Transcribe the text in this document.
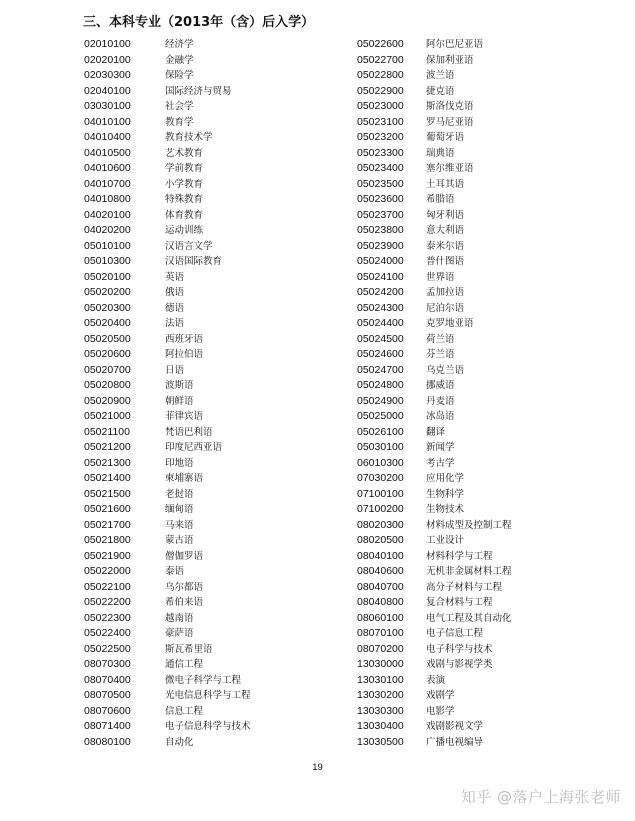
三、本科专业（2013年（含）后入学）
02010100	经济学
02020100	金融学
02030300	保险学
02040100	国际经济与贸易
03030100	社会学
04010100	教育学
04010400	教育技术学
04010500	艺术教育
04010600	学前教育
04010700	小学教育
04010800	特殊教育
04020100	体育教育
04020200	运动训练
05010100	汉语言文学
05010300	汉语国际教育
05020100	英语
05020200	俄语
05020300	德语
05020400	法语
05020500	西班牙语
05020600	阿拉伯语
05020700	日语
05020800	波斯语
05020900	朝鲜语
05021000	菲律宾语
05021100	梵语巴利语
05021200	印度尼西亚语
05021300	印地语
05021400	柬埔寨语
05021500	老挝语
05021600	缅甸语
05021700	马来语
05021800	蒙古语
05021900	僧伽罗语
05022000	泰语
05022100	乌尔都语
05022200	希伯来语
05022300	越南语
05022400	豪萨语
05022500	斯瓦希里语
08070300	通信工程
08070400	微电子科学与工程
08070500	光电信息科学与工程
08070600	信息工程
08071400	电子信息科学与技术
08080100	自动化
05022600	阿尔巴尼亚语
05022700	保加利亚语
05022800	波兰语
05022900	捷克语
05023000	斯洛伐克语
05023100	罗马尼亚语
05023200	葡萄牙语
05023300	瑞典语
05023400	塞尔维亚语
05023500	土耳其语
05023600	希腊语
05023700	匈牙利语
05023800	意大利语
05023900	泰米尔语
05024000	普什图语
05024100	世界语
05024200	孟加拉语
05024300	尼泊尔语
05024400	克罗地亚语
05024500	荷兰语
05024600	芬兰语
05024700	乌克兰语
05024800	挪威语
05024900	丹麦语
05025000	冰岛语
05026100	翻译
05030100	新闻学
06010300	考古学
07030200	应用化学
07100100	生物科学
07100200	生物技术
08020300	材料成型及控制工程
08020500	工业设计
08040100	材料科学与工程
08040600	无机非金属材料工程
08040700	高分子材料与工程
08040800	复合材料与工程
08060100	电气工程及其自动化
08070100	电子信息工程
08070200	电子科学与技术
13030000	戏剧与影视学类
13030100	表演
13030200	戏剧学
13030300	电影学
13030400	戏剧影视文学
13030500	广播电视编导
19
知乎 @落户上海张老师
